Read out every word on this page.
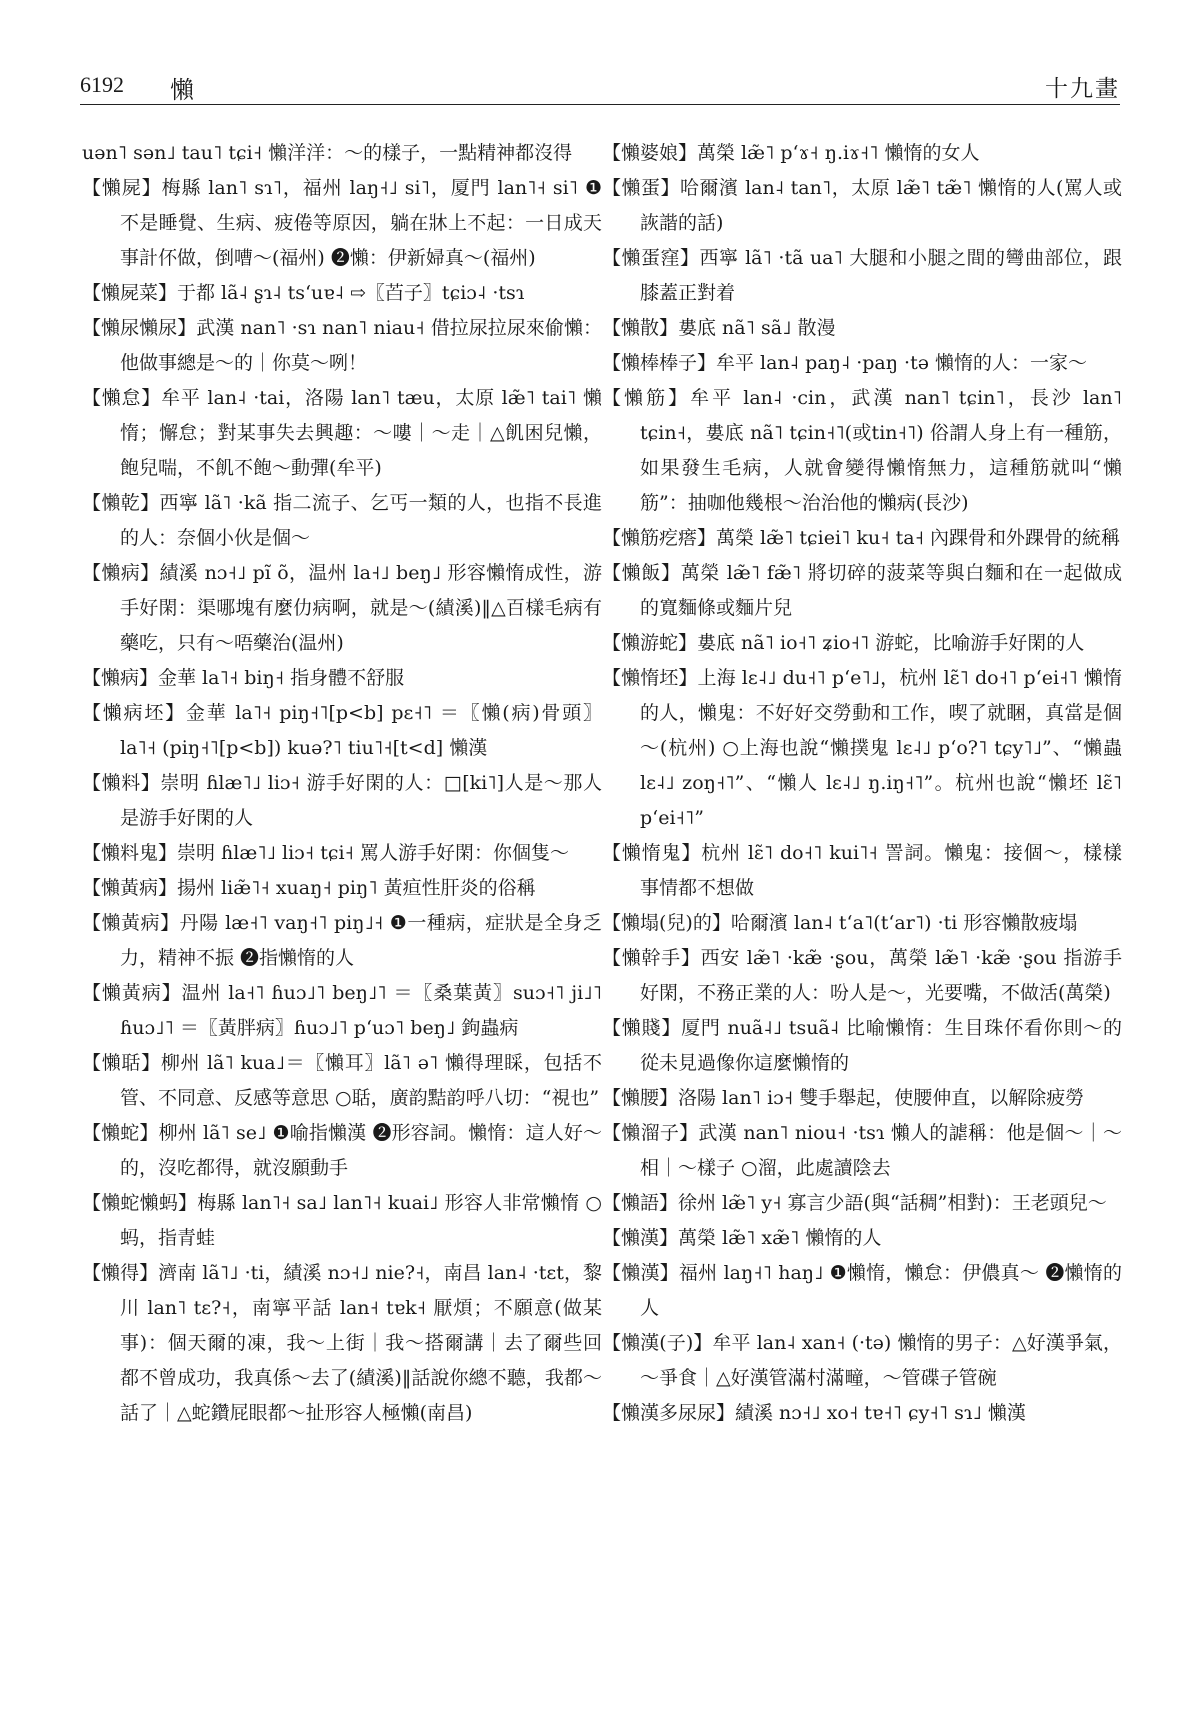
6192 懶	十九畫

uən˥ sən˩ tau˥ tɕi˧ 懶洋洋：～的樣子，一點精神都沒得

【懶屍】梅縣 lan˥ sɿ˥，福州 laŋ˧˩ si˥，厦門 lan˥˧ si˥ ❶不是睡覺、生病、疲倦等原因，躺在牀上不起：一日成天事計伓做，倒嘈～(福州) ❷懶：伊新婦真～(福州)

【懶屍菜】于都 lã˨ ʂɿ˨ tsʻuɐ˨ ⇨〖苩子〗tɕiɔ˨ ·tsɿ

【懶尿懶尿】武漢 nan˥ ·sɿ nan˥ niau˧ 借拉尿拉尿來偷懶：他做事總是～的｜你莫～咧！

【懶怠】牟平 lan˨ ·tai，洛陽 lan˥ tæu，太原 læ̃˥ tai˥ 懶惰；懈怠；對某事失去興趣：～嘍｜～走｜△飢困兒懶，飽兒喘，不飢不飽～動彈(牟平)

【懶乾】西寧 lã˥ ·kã 指二流子、乞丐一類的人，也指不長進的人：奈個小伙是個～

【懶病】績溪 nɔ˧˩ pĩ õ，温州 la˧˩ beŋ˩ 形容懶惰成性，游手好閑：渠哪塊有麼仂病啊，就是～(績溪)‖△百樣毛病有藥吃，只有～唔藥治(温州)

【懶病】金華 la˥˧ biŋ˧ 指身體不舒服

【懶病坯】金華 la˥˧ piŋ˧˥[p<b] pɛ˧˥ ＝〖懶(病)骨頭〗la˥˧ (piŋ˧˥[p<b]) kuə?˥ tiu˥˧[t<d] 懶漢

【懶料】崇明 ɦlæ˥˩ liɔ˧ 游手好閑的人：□[ki˥]人是～那人是游手好閑的人

【懶料鬼】崇明 ɦlæ˥˩ liɔ˧ tɕi˧ 罵人游手好閑：你個隻～

【懶黃病】揚州 liæ̃˥˧ xuaŋ˧ piŋ˥ 黃疸性肝炎的俗稱

【懶黃病】丹陽 læ˧˥ vaŋ˧˥ piŋ˩˧ ❶一種病，症狀是全身乏力，精神不振 ❷指懶惰的人

【懶黃病】温州 la˧˥ ɦuɔ˩˥ beŋ˩˥ ＝〖桑葉黃〗suɔ˧˥ ji˩˥ ɦuɔ˩˥ ＝〖黃胖病〗ɦuɔ˩˥ pʻuɔ˥ beŋ˩ 鉤蟲病

【懶聒】柳州 lã˥ kua˩＝〖懶耳〗lã˥ ə˥ 懶得理睬，包括不管、不同意、反感等意思 ○聒，廣韵黠韵呼八切：“視也”

【懶蛇】柳州 lã˥ se˩ ❶喻指懶漢 ❷形容詞。懶惰：這人好～的，沒吃都得，就沒願動手

【懶蛇懶蚂】梅縣 lan˥˧ sa˩ lan˥˧ kuai˩ 形容人非常懶惰 ○蚂，指青蛙

【懶得】濟南 lã˥˩ ·ti，績溪 nɔ˧˩ nie?˧，南昌 lan˨ ·tɛt，黎川 lan˥ tɛ?˧，南寧平話 lan˧ tɐk˧ 厭煩；不願意(做某事)：個天爾的凍，我～上街｜我～搭爾講｜去了爾些回都不曾成功，我真係～去了(績溪)‖話說你總不聽，我都～話了｜△蛇鑽屁眼都～扯形容人極懶(南昌)

【懶婆娘】萬榮 læ̃˥ pʻɤ˧ ŋ.iɤ˧˥ 懶惰的女人

【懶蛋】哈爾濱 lan˨ tan˥，太原 læ̃˥ tæ̃˥ 懶惰的人(罵人或詼諧的話)

【懶蛋窪】西寧 lã˥ ·tã ua˥ 大腿和小腿之間的彎曲部位，跟膝蓋正對着

【懶散】婁底 nã˥ sã˩ 散漫

【懶棒棒子】牟平 lan˨ paŋ˨ ·paŋ ·tə 懶惰的人：一家～

【懶筋】牟平 lan˨ ·cin，武漢 nan˥ tɕin˥，長沙 lan˥ tɕin˧，婁底 nã˥ tɕin˧˥(或tin˧˥) 俗謂人身上有一種筋，如果發生毛病，人就會變得懶惰無力，這種筋就叫“懶筋”：抽咖他幾根～治治他的懶病(長沙)

【懶筋疙瘩】萬榮 læ̃˥ tɕiei˥ ku˧ ta˧ 內踝骨和外踝骨的統稱

【懶飯】萬榮 læ̃˥ fæ̃˥ 將切碎的菠菜等與白麵和在一起做成的寬麵條或麵片兒

【懶游蛇】婁底 nã˥ io˧˥ ʑio˧˥ 游蛇，比喻游手好閑的人

【懶惰坯】上海 lɛ˨˩ du˧˥ pʻe˥˩，杭州 lɛ̃˥ do˧˥ pʻei˧˥ 懶惰的人，懶鬼：不好好交勞動和工作，喫了就睏，真當是個～(杭州) ○上海也說“懶撲鬼 lɛ˨˩ pʻo?˥ tɕy˥˩”、“懶蟲 lɛ˨˩ zoŋ˧˥”、“懶人 lɛ˨˩ ŋ.iŋ˧˥”。杭州也說“懶坯 lɛ̃˥ pʻei˧˥”

【懶惰鬼】杭州 lɛ̃˥ do˧˥ kui˥˧ 詈詞。懶鬼：接個～，樣樣事情都不想做

【懶塌(兒)的】哈爾濱 lan˨ tʻa˥(tʻar˥) ·ti 形容懶散疲塌

【懶幹手】西安 læ̃˥ ·kæ̃ ·ʂou，萬榮 læ̃˥ ·kæ̃ ·ʂou 指游手好閑，不務正業的人：吩人是～，光要嘴，不做活(萬榮)

【懶賤】厦門 nuã˨˩ tsuã˨ 比喻懶惰：生目珠伓看你則～的從未見過像你這麼懶惰的

【懶腰】洛陽 lan˥ iɔ˧ 雙手舉起，使腰伸直，以解除疲勞

【懶溜子】武漢 nan˥ niou˧ ·tsɿ 懶人的謔稱：他是個～｜～相｜～樣子 ○溜，此處讀陰去

【懶語】徐州 læ̃˥ y˧ 寡言少語(與“話稠”相對)：王老頭兒～

【懶漢】萬榮 læ̃˥ xæ̃˥ 懶惰的人

【懶漢】福州 laŋ˧˥ haŋ˩ ❶懶惰，懶怠：伊儂真～ ❷懶惰的人

【懶漢(子)】牟平 lan˨ xan˧ (·tə) 懶惰的男子：△好漢爭氣，～爭食｜△好漢管滿村滿疃，～管碟子管碗

【懶漢多尿尿】績溪 nɔ˧˩ xo˧ tɐ˧˥ ɕy˧˥ sɿ˩ 懶漢
